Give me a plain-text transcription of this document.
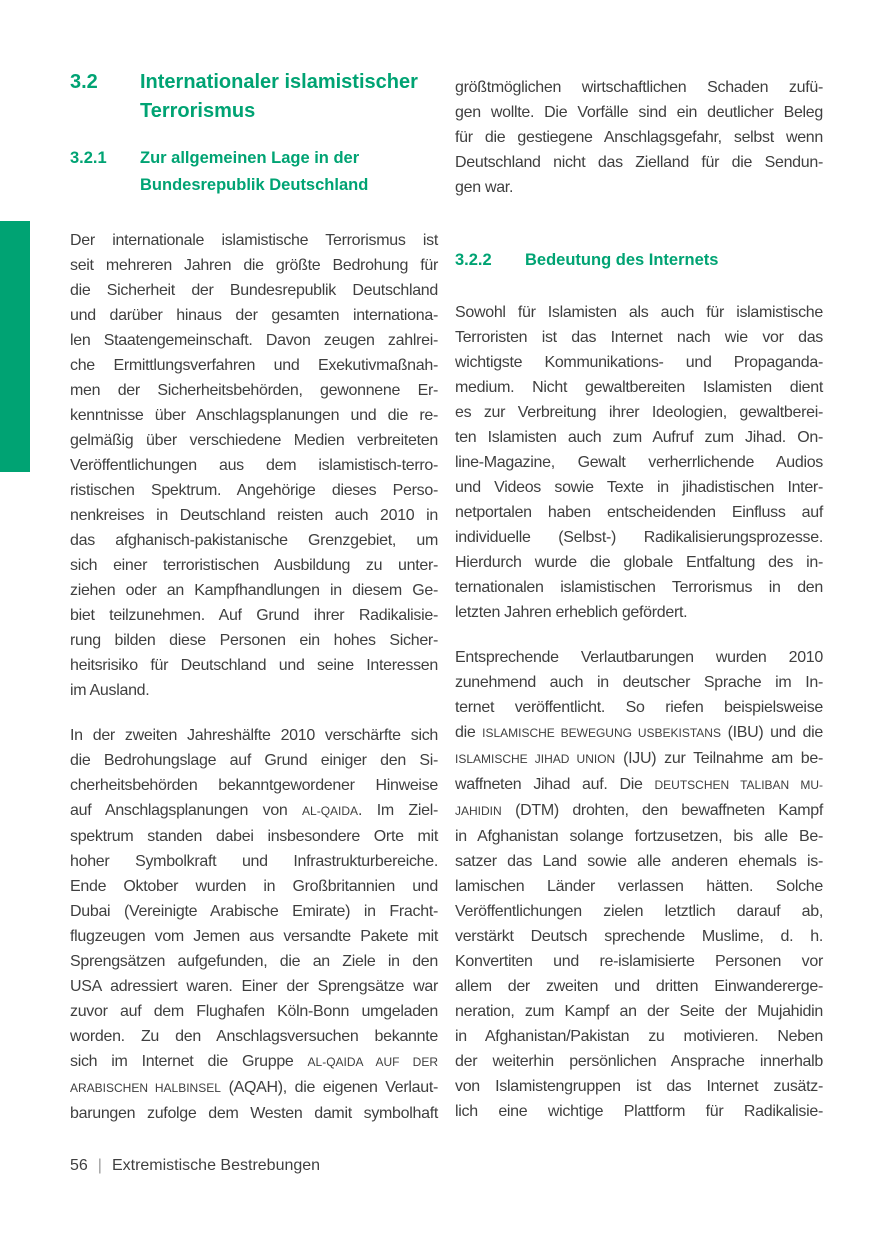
3.2	Internationaler islamistischer
Terrorismus
3.2.1	Zur allgemeinen Lage in der
Bundesrepublik Deutschland
Der internationale islamistische Terrorismus ist
seit mehreren Jahren die größte Bedrohung für
die Sicherheit der Bundesrepublik Deutschland
und darüber hinaus der gesamten internationa-
len Staatengemeinschaft. Davon zeugen zahlrei-
che Ermittlungsverfahren und Exekutivmaßnah-
men der Sicherheitsbehörden, gewonnene Er-
kenntnisse über Anschlagsplanungen und die re-
gelmäßig über verschiedene Medien verbreiteten
Veröffentlichungen aus dem islamistisch-terro-
ristischen Spektrum. Angehörige dieses Perso-
nenkreises in Deutschland reisten auch 2010 in
das afghanisch-pakistanische Grenzgebiet, um
sich einer terroristischen Ausbildung zu unter-
ziehen oder an Kampfhandlungen in diesem Ge-
biet teilzunehmen. Auf Grund ihrer Radikalisie-
rung bilden diese Personen ein hohes Sicher-
heitsrisiko für Deutschland und seine Interessen
im Ausland.
In der zweiten Jahreshälfte 2010 verschärfte sich
die Bedrohungslage auf Grund einiger den Si-
cherheitsbehörden bekanntgewordener Hinweise
auf Anschlagsplanungen von AL-QAIDA. Im Ziel-
spektrum standen dabei insbesondere Orte mit
hoher Symbolkraft und Infrastrukturbereiche.
Ende Oktober wurden in Großbritannien und
Dubai (Vereinigte Arabische Emirate) in Fracht-
flugzeugen vom Jemen aus versandte Pakete mit
Sprengsätzen aufgefunden, die an Ziele in den
USA adressiert waren. Einer der Sprengsätze war
zuvor auf dem Flughafen Köln-Bonn umgeladen
worden. Zu den Anschlagsversuchen bekannte
sich im Internet die Gruppe AL-QAIDA AUF DER
ARABISCHEN HALBINSEL (AQAH), die eigenen Verlaut-
barungen zufolge dem Westen damit symbolhaft
größtmöglichen wirtschaftlichen Schaden zufü-
gen wollte. Die Vorfälle sind ein deutlicher Beleg
für die gestiegene Anschlagsgefahr, selbst wenn
Deutschland nicht das Zielland für die Sendun-
gen war.
3.2.2	Bedeutung des Internets
Sowohl für Islamisten als auch für islamistische
Terroristen ist das Internet nach wie vor das
wichtigste Kommunikations- und Propaganda-
medium. Nicht gewaltbereiten Islamisten dient
es zur Verbreitung ihrer Ideologien, gewaltberei-
ten Islamisten auch zum Aufruf zum Jihad. On-
line-Magazine, Gewalt verherrlichende Audios
und Videos sowie Texte in jihadistischen Inter-
netportalen haben entscheidenden Einfluss auf
individuelle (Selbst-) Radikalisierungsprozesse.
Hierdurch wurde die globale Entfaltung des in-
ternationalen islamistischen Terrorismus in den
letzten Jahren erheblich gefördert.
Entsprechende Verlautbarungen wurden 2010
zunehmend auch in deutscher Sprache im In-
ternet veröffentlicht. So riefen beispielsweise
die ISLAMISCHE BEWEGUNG USBEKISTANS (IBU) und die
ISLAMISCHE JIHAD UNION (IJU) zur Teilnahme am be-
waffneten Jihad auf. Die DEUTSCHEN TALIBAN MU-
JAHIDIN (DTM) drohten, den bewaffneten Kampf
in Afghanistan solange fortzusetzen, bis alle Be-
satzer das Land sowie alle anderen ehemals is-
lamischen Länder verlassen hätten. Solche
Veröffentlichungen zielen letztlich darauf ab,
verstärkt Deutsch sprechende Muslime, d. h.
Konvertiten und re-islamisierte Personen vor
allem der zweiten und dritten Einwandererge-
neration, zum Kampf an der Seite der Mujahidin
in Afghanistan/Pakistan zu motivieren. Neben
der weiterhin persönlichen Ansprache innerhalb
von Islamistengruppen ist das Internet zusätz-
lich eine wichtige Plattform für Radikalisie-
56 | Extremistische Bestrebungen
